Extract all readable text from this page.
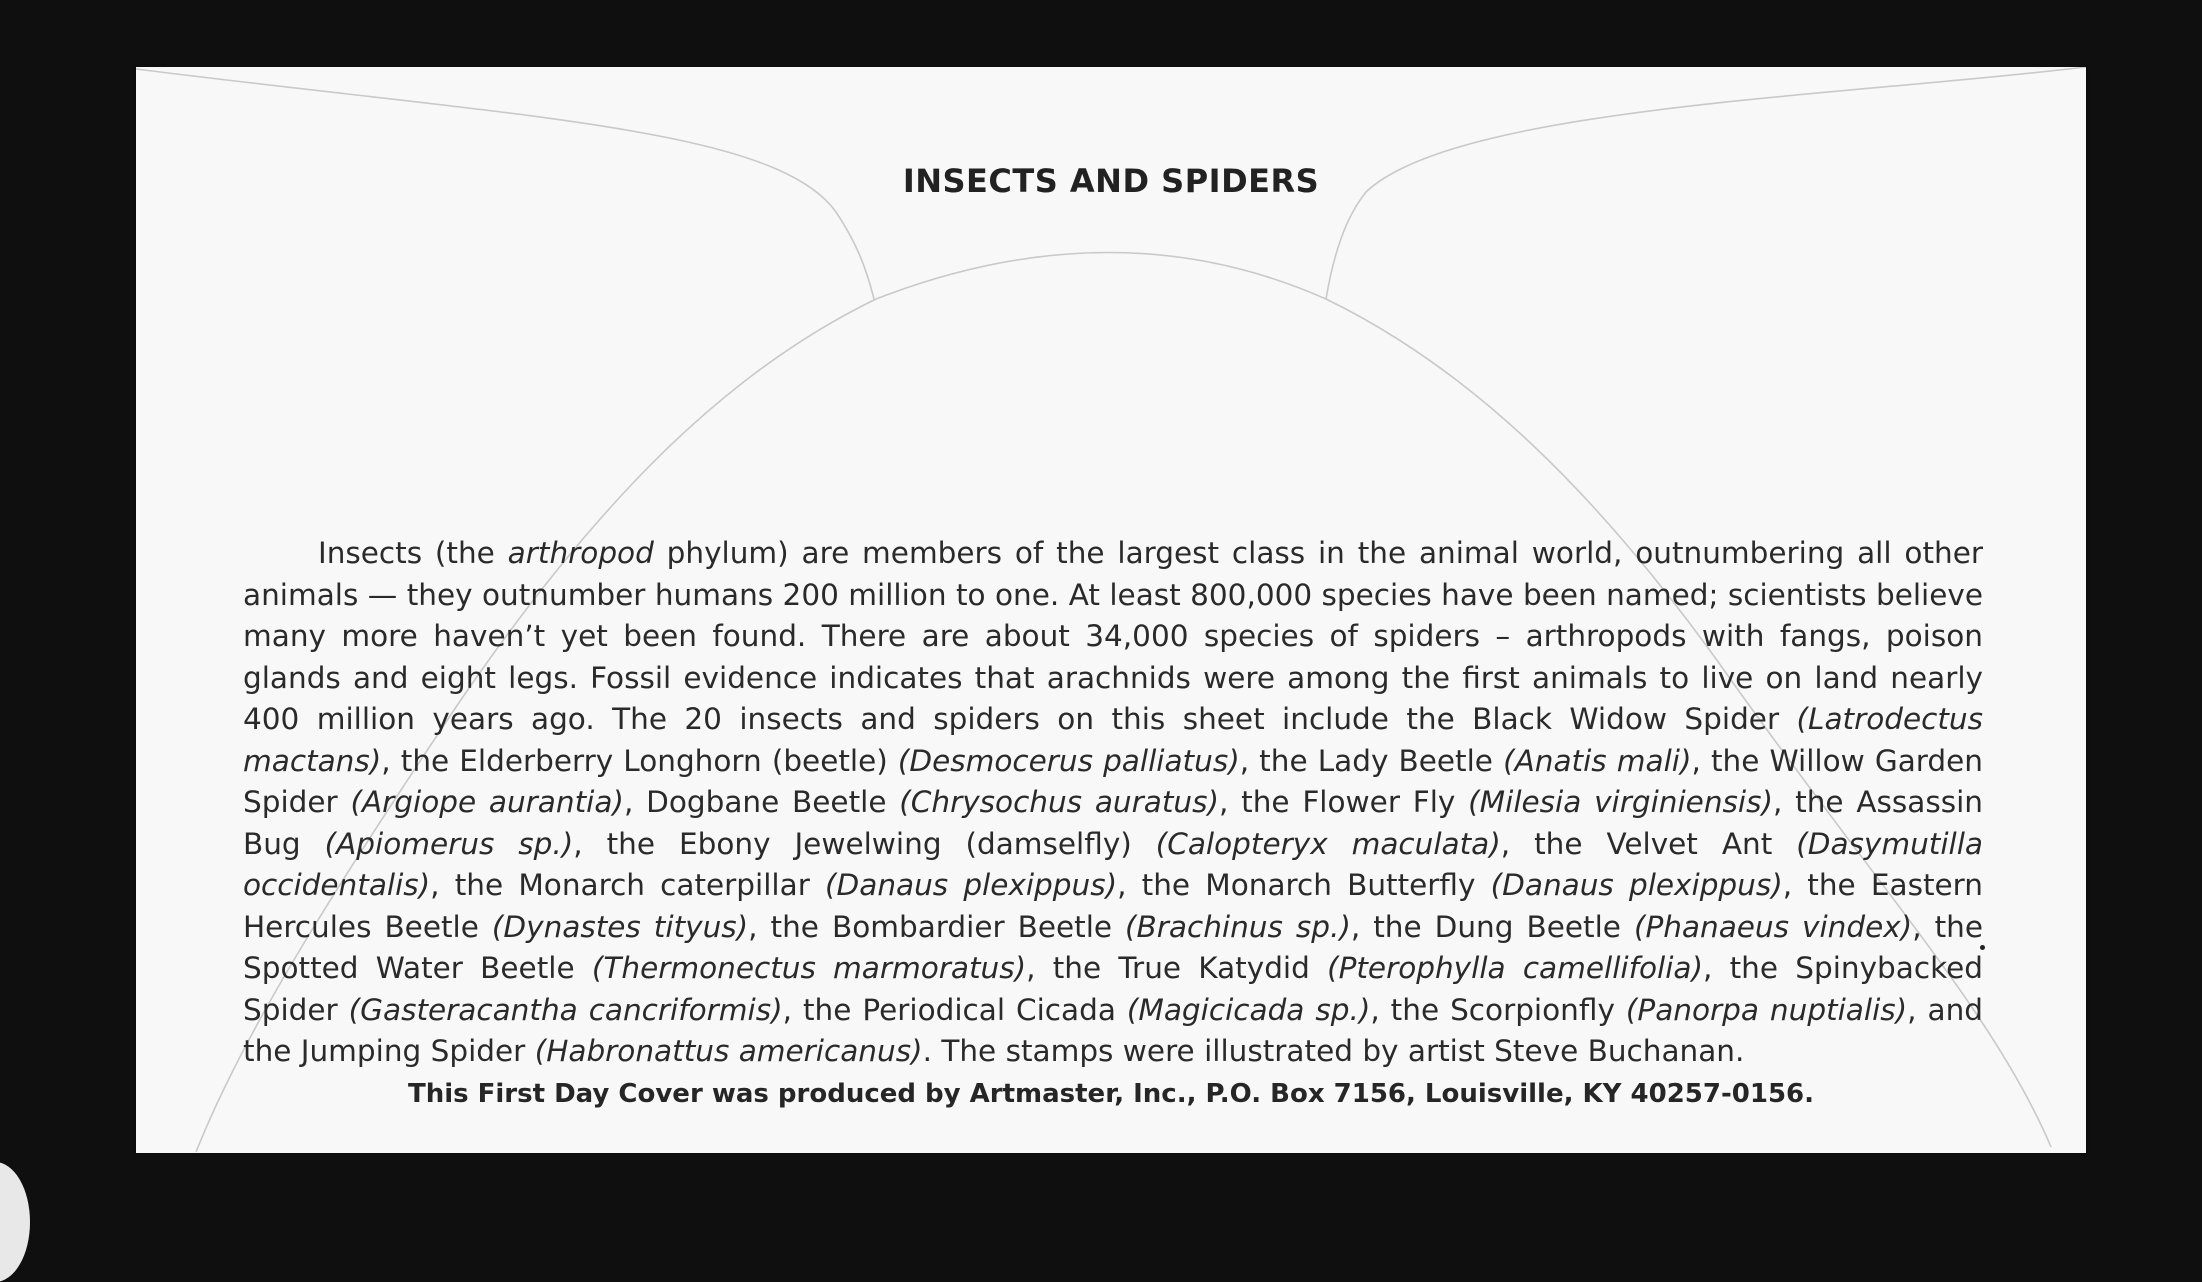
INSECTS AND SPIDERS

Insects (the arthropod phylum) are members of the largest class in the animal world, outnumbering all other animals — they outnumber humans 200 million to one. At least 800,000 species have been named; scientists believe many more haven’t yet been found. There are about 34,000 species of spiders – arthropods with fangs, poison glands and eight legs. Fossil evidence indicates that arachnids were among the first animals to live on land nearly 400 million years ago. The 20 insects and spiders on this sheet include the Black Widow Spider (Latrodectus mactans), the Elderberry Longhorn (beetle) (Desmocerus palliatus), the Lady Beetle (Anatis mali), the Willow Garden Spider (Argiope aurantia), Dogbane Beetle (Chrysochus auratus), the Flower Fly (Milesia virginiensis), the Assassin Bug (Apiomerus sp.), the Ebony Jewelwing (damselfly) (Calopteryx maculata), the Velvet Ant (Dasymutilla occidentalis), the Monarch caterpillar (Danaus plexippus), the Monarch Butterfly (Danaus plexippus), the Eastern Hercules Beetle (Dynastes tityus), the Bombardier Beetle (Brachinus sp.), the Dung Beetle (Phanaeus vindex), the Spotted Water Beetle (Thermonectus marmoratus), the True Katydid (Pterophylla camellifolia), the Spinybacked Spider (Gasteracantha cancriformis), the Periodical Cicada (Magicicada sp.), the Scorpionfly (Panorpa nuptialis), and the Jumping Spider (Habronattus americanus). The stamps were illustrated by artist Steve Buchanan.

This First Day Cover was produced by Artmaster, Inc., P.O. Box 7156, Louisville, KY 40257-0156.
